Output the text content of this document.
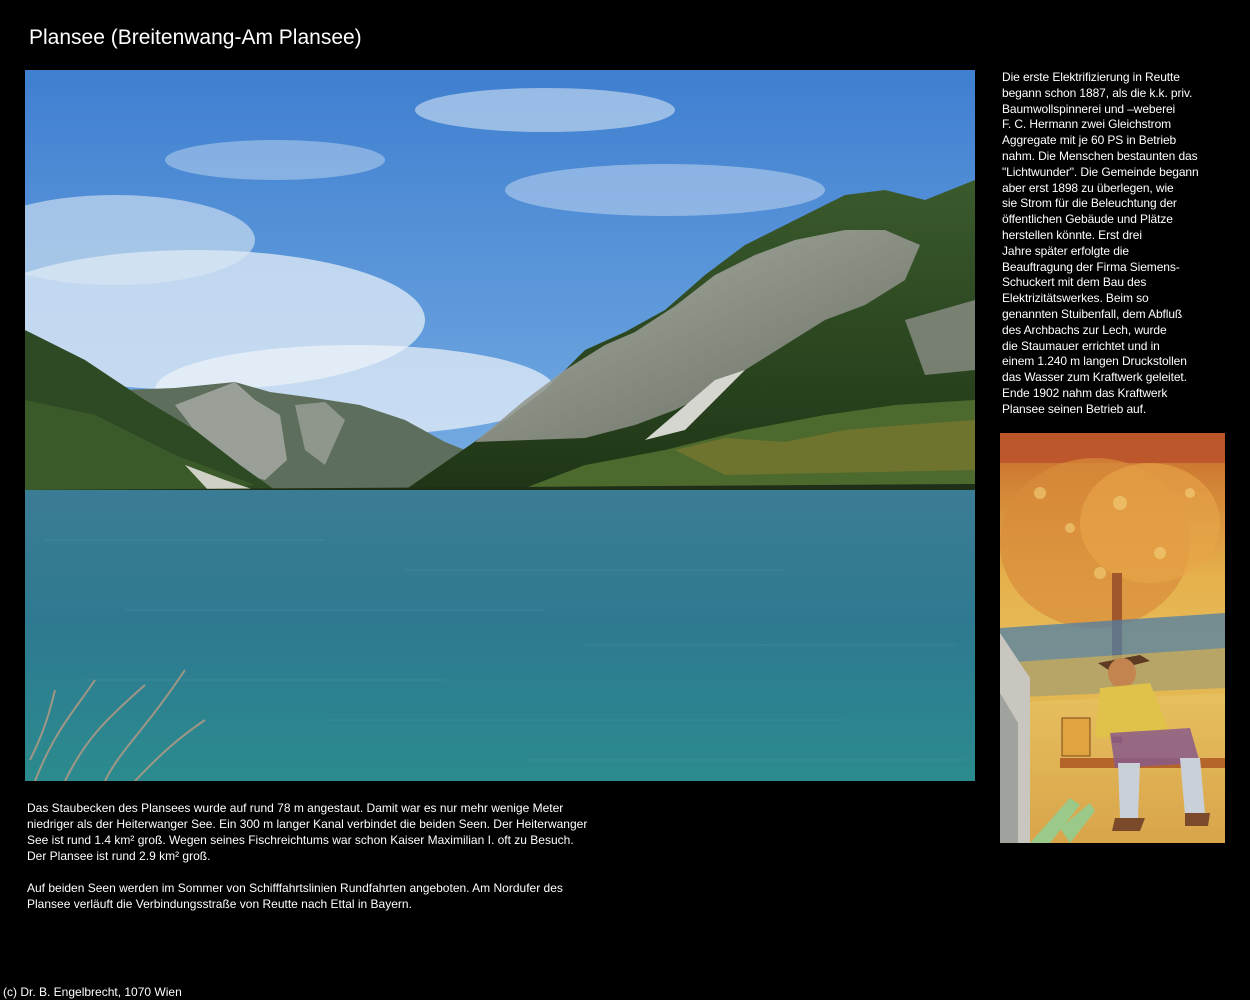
Plansee (Breitenwang-Am Plansee)
Die erste Elektrifizierung in Reutte
begann schon 1887, als die k.k. priv.
Baumwollspinnerei und –weberei
F. C. Hermann zwei Gleichstrom
Aggregate mit je 60 PS in Betrieb
nahm. Die Menschen bestaunten das
"Lichtwunder". Die Gemeinde begann
aber erst 1898 zu überlegen, wie
sie Strom für die Beleuchtung der
öffentlichen Gebäude und Plätze
herstellen könnte. Erst drei
Jahre später erfolgte die
Beauftragung der Firma Siemens-
Schuckert mit dem Bau des
Elektrizitätswerkes. Beim so
genannten Stuibenfall, dem Abfluß
des Archbachs zur Lech, wurde
die Staumauer errichtet und in
einem 1.240 m langen Druckstollen
das Wasser zum Kraftwerk geleitet.
Ende 1902 nahm das Kraftwerk
Plansee seinen Betrieb auf.
Das Staubecken des Plansees wurde auf rund 78 m angestaut. Damit war es nur mehr wenige Meter
niedriger als der Heiterwanger See. Ein 300 m langer Kanal verbindet die beiden Seen. Der Heiterwanger
See ist rund 1.4 km² groß. Wegen seines Fischreichtums war schon Kaiser Maximilian I. oft zu Besuch.
Der Plansee ist rund 2.9 km² groß.
Auf beiden Seen werden im Sommer von Schifffahrtslinien Rundfahrten angeboten. Am Nordufer des
Plansee verläuft die Verbindungsstraße von Reutte nach Ettal in Bayern.
(c) Dr. B. Engelbrecht, 1070 Wien
